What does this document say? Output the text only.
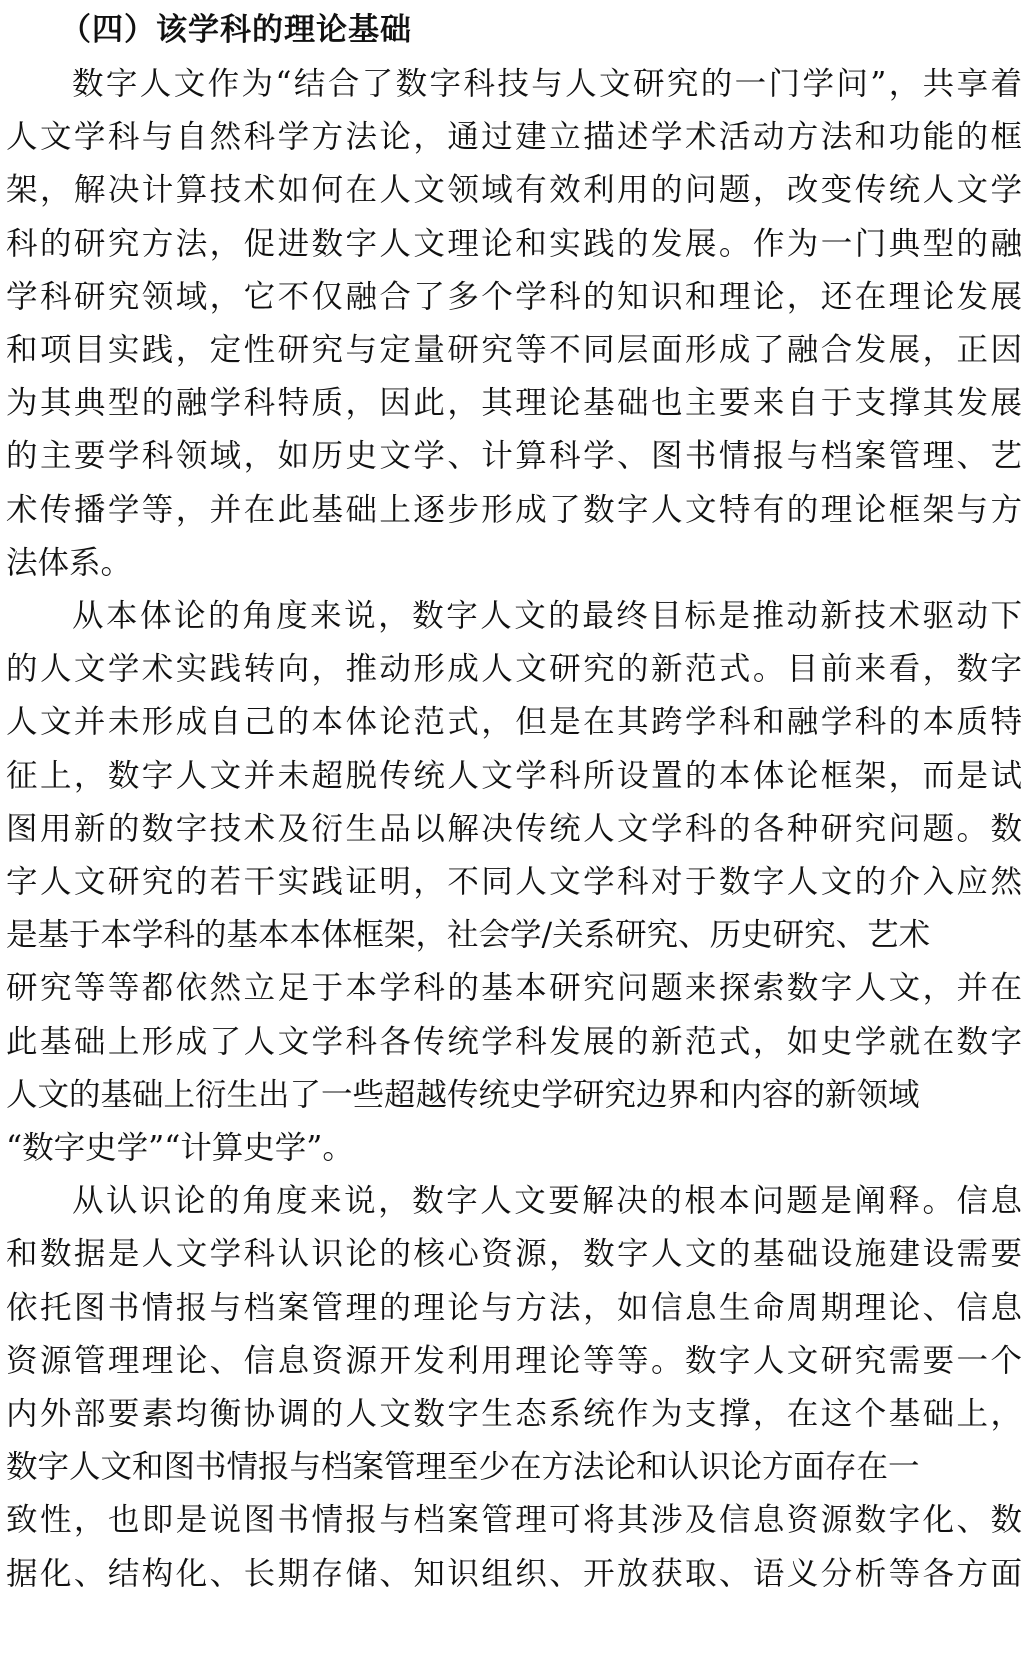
（四）该学科的理论基础
数字人文作为“结合了数字科技与人文研究的一门学问”，共享着
人文学科与自然科学方法论，通过建立描述学术活动方法和功能的框
架，解决计算技术如何在人文领域有效利用的问题，改变传统人文学
科的研究方法，促进数字人文理论和实践的发展。作为一门典型的融
学科研究领域，它不仅融合了多个学科的知识和理论，还在理论发展
和项目实践，定性研究与定量研究等不同层面形成了融合发展，正因
为其典型的融学科特质，因此，其理论基础也主要来自于支撑其发展
的主要学科领域，如历史文学、计算科学、图书情报与档案管理、艺
术传播学等，并在此基础上逐步形成了数字人文特有的理论框架与方
法体系。
从本体论的角度来说，数字人文的最终目标是推动新技术驱动下
的人文学术实践转向，推动形成人文研究的新范式。目前来看，数字
人文并未形成自己的本体论范式，但是在其跨学科和融学科的本质特
征上，数字人文并未超脱传统人文学科所设置的本体论框架，而是试
图用新的数字技术及衍生品以解决传统人文学科的各种研究问题。数
字人文研究的若干实践证明，不同人文学科对于数字人文的介入应然
是基于本学科的基本本体框架，社会学/关系研究、历史研究、艺术
研究等等都依然立足于本学科的基本研究问题来探索数字人文，并在
此基础上形成了人文学科各传统学科发展的新范式，如史学就在数字
人文的基础上衍生出了一些超越传统史学研究边界和内容的新领域
“数字史学”“计算史学”。
从认识论的角度来说，数字人文要解决的根本问题是阐释。信息
和数据是人文学科认识论的核心资源，数字人文的基础设施建设需要
依托图书情报与档案管理的理论与方法，如信息生命周期理论、信息
资源管理理论、信息资源开发利用理论等等。数字人文研究需要一个
内外部要素均衡协调的人文数字生态系统作为支撑，在这个基础上，
数字人文和图书情报与档案管理至少在方法论和认识论方面存在一
致性，也即是说图书情报与档案管理可将其涉及信息资源数字化、数
据化、结构化、长期存储、知识组织、开放获取、语义分析等各方面
